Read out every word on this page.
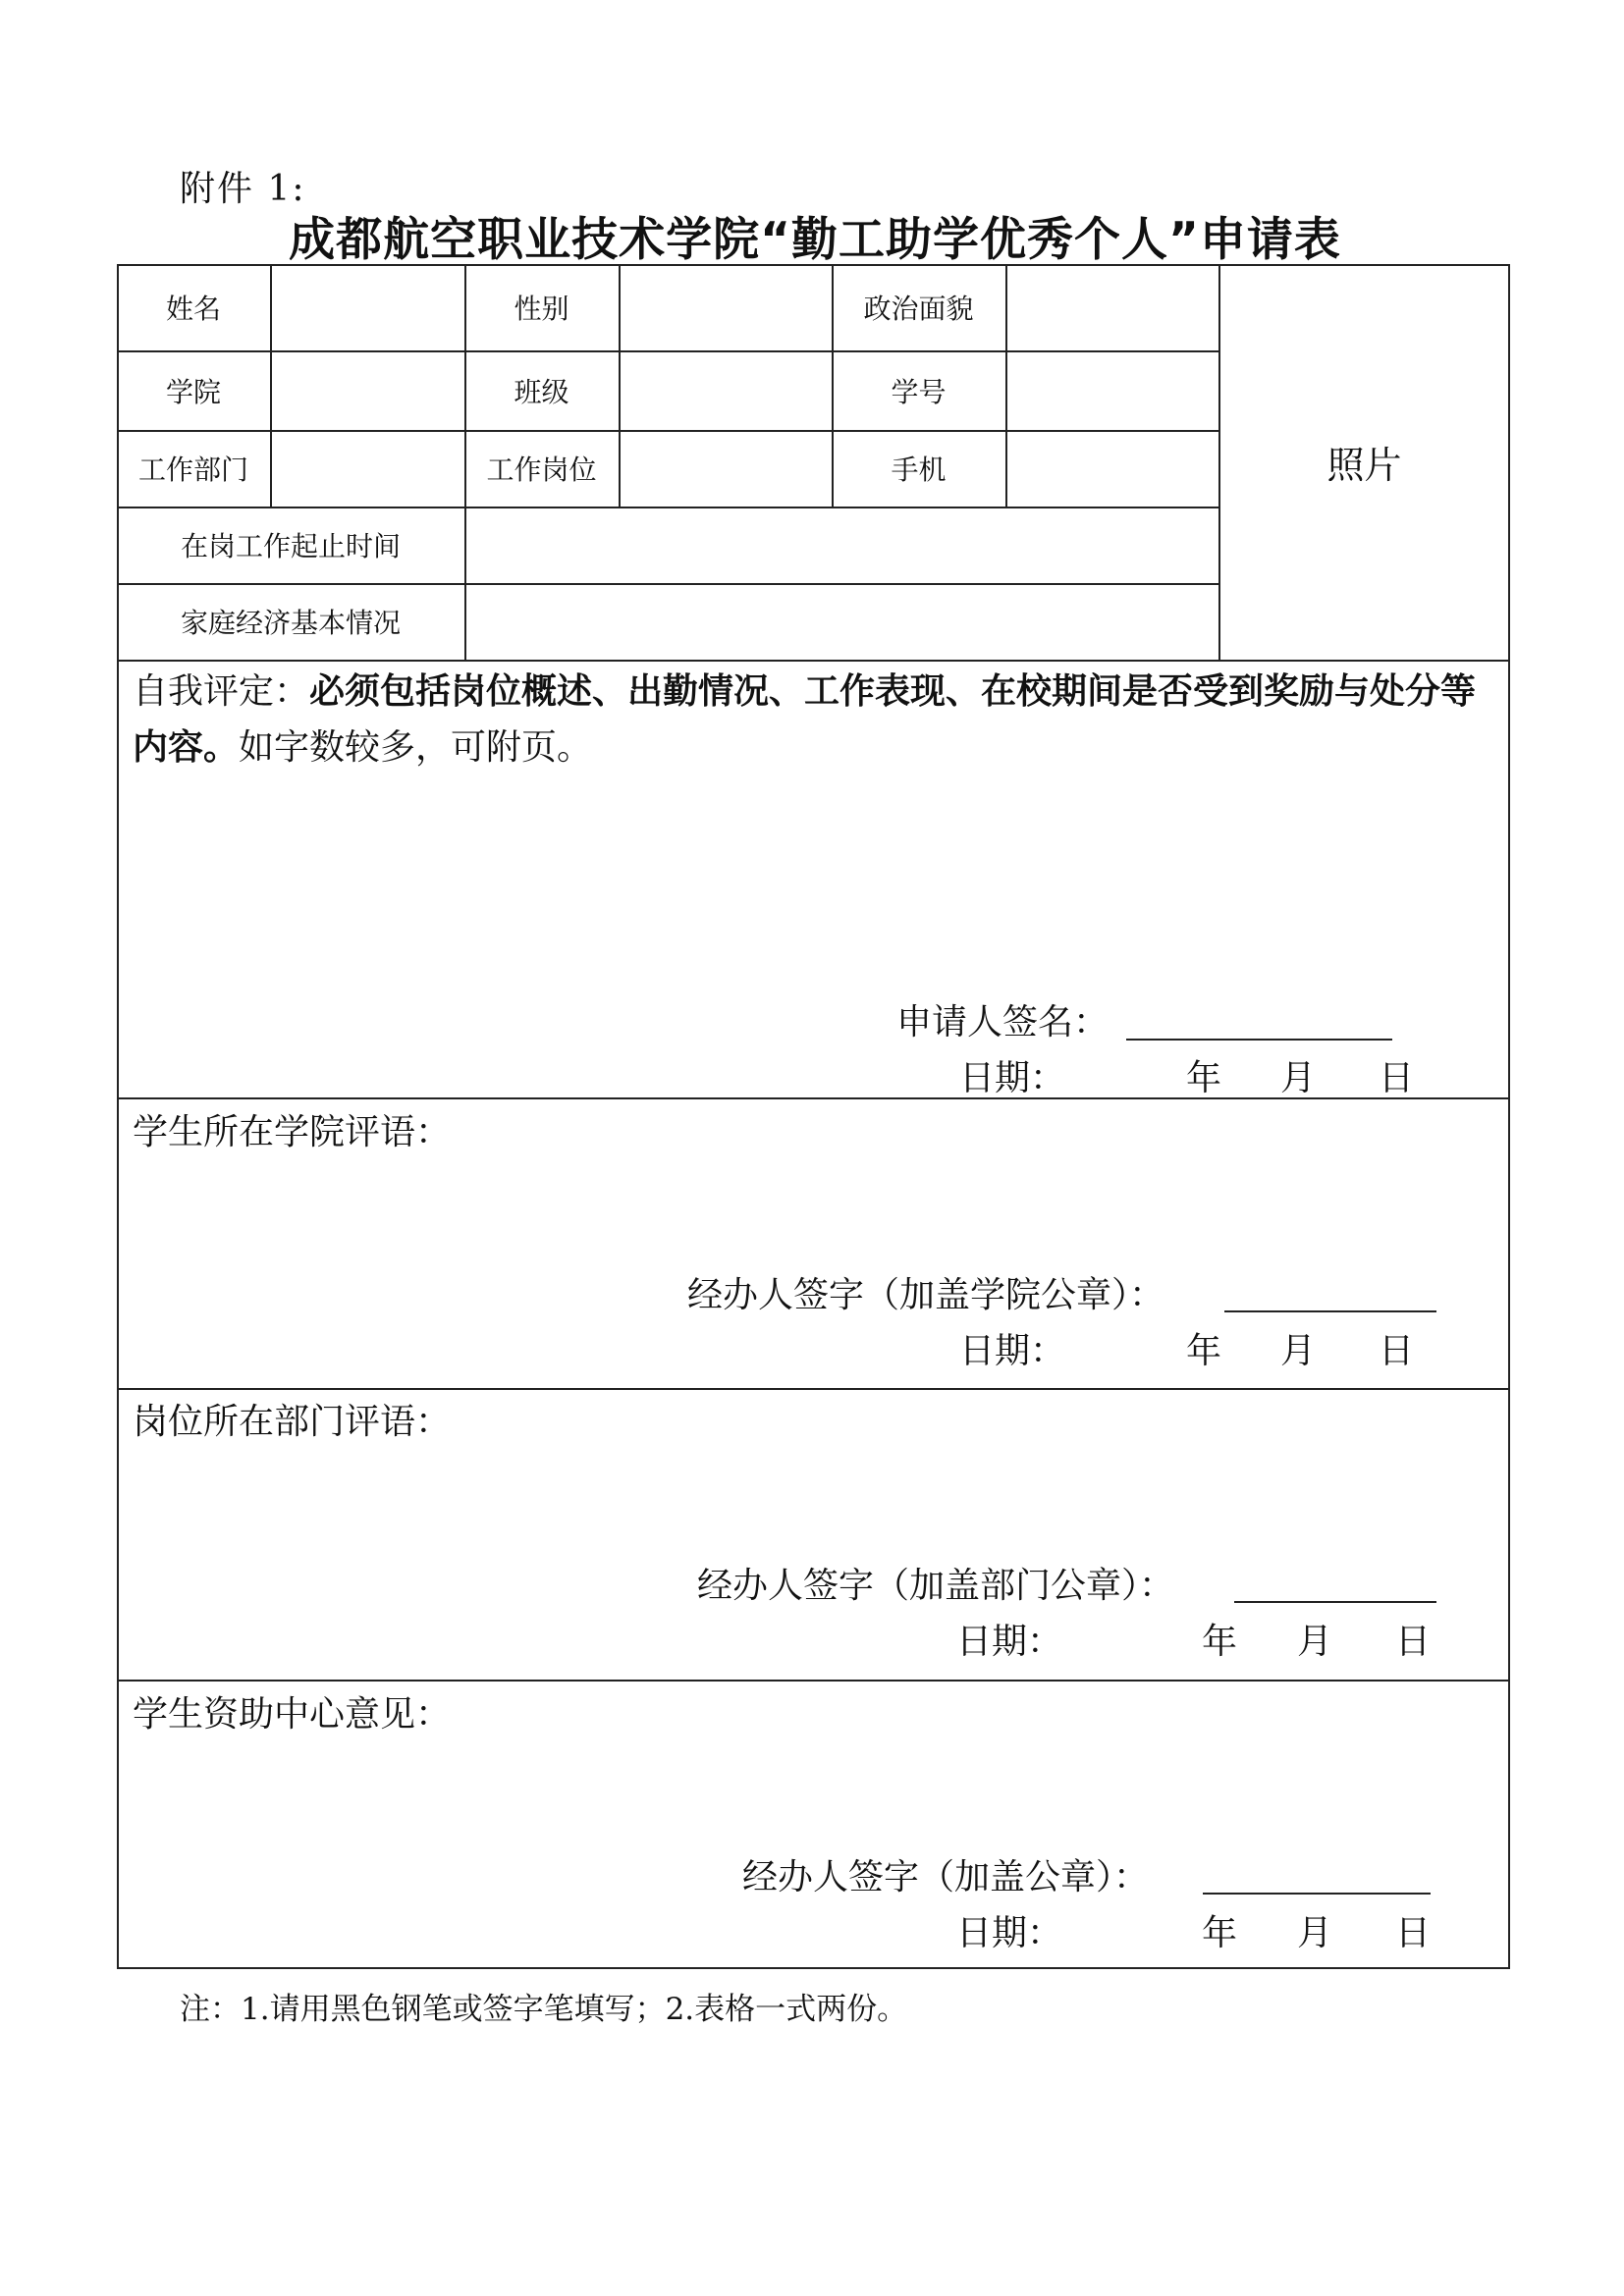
附件 1:
成都航空职业技术学院“勤工助学优秀个人”申请表
姓名	性别	政治面貌
学院	班级	学号
工作部门	工作岗位	手机
在岗工作起止时间
家庭经济基本情况
照片
自我评定：必须包括岗位概述、出勤情况、工作表现、在校期间是否受到奖励与处分等内容。如字数较多，可附页。
申请人签名：
日期：	年 月 日
学生所在学院评语：
经办人签字（加盖学院公章）：
日期：	年 月 日
岗位所在部门评语：
经办人签字（加盖部门公章）：
日期：	年 月 日
学生资助中心意见：
经办人签字（加盖公章）：
日期：	年 月 日
注：1.请用黑色钢笔或签字笔填写；2.表格一式两份。
